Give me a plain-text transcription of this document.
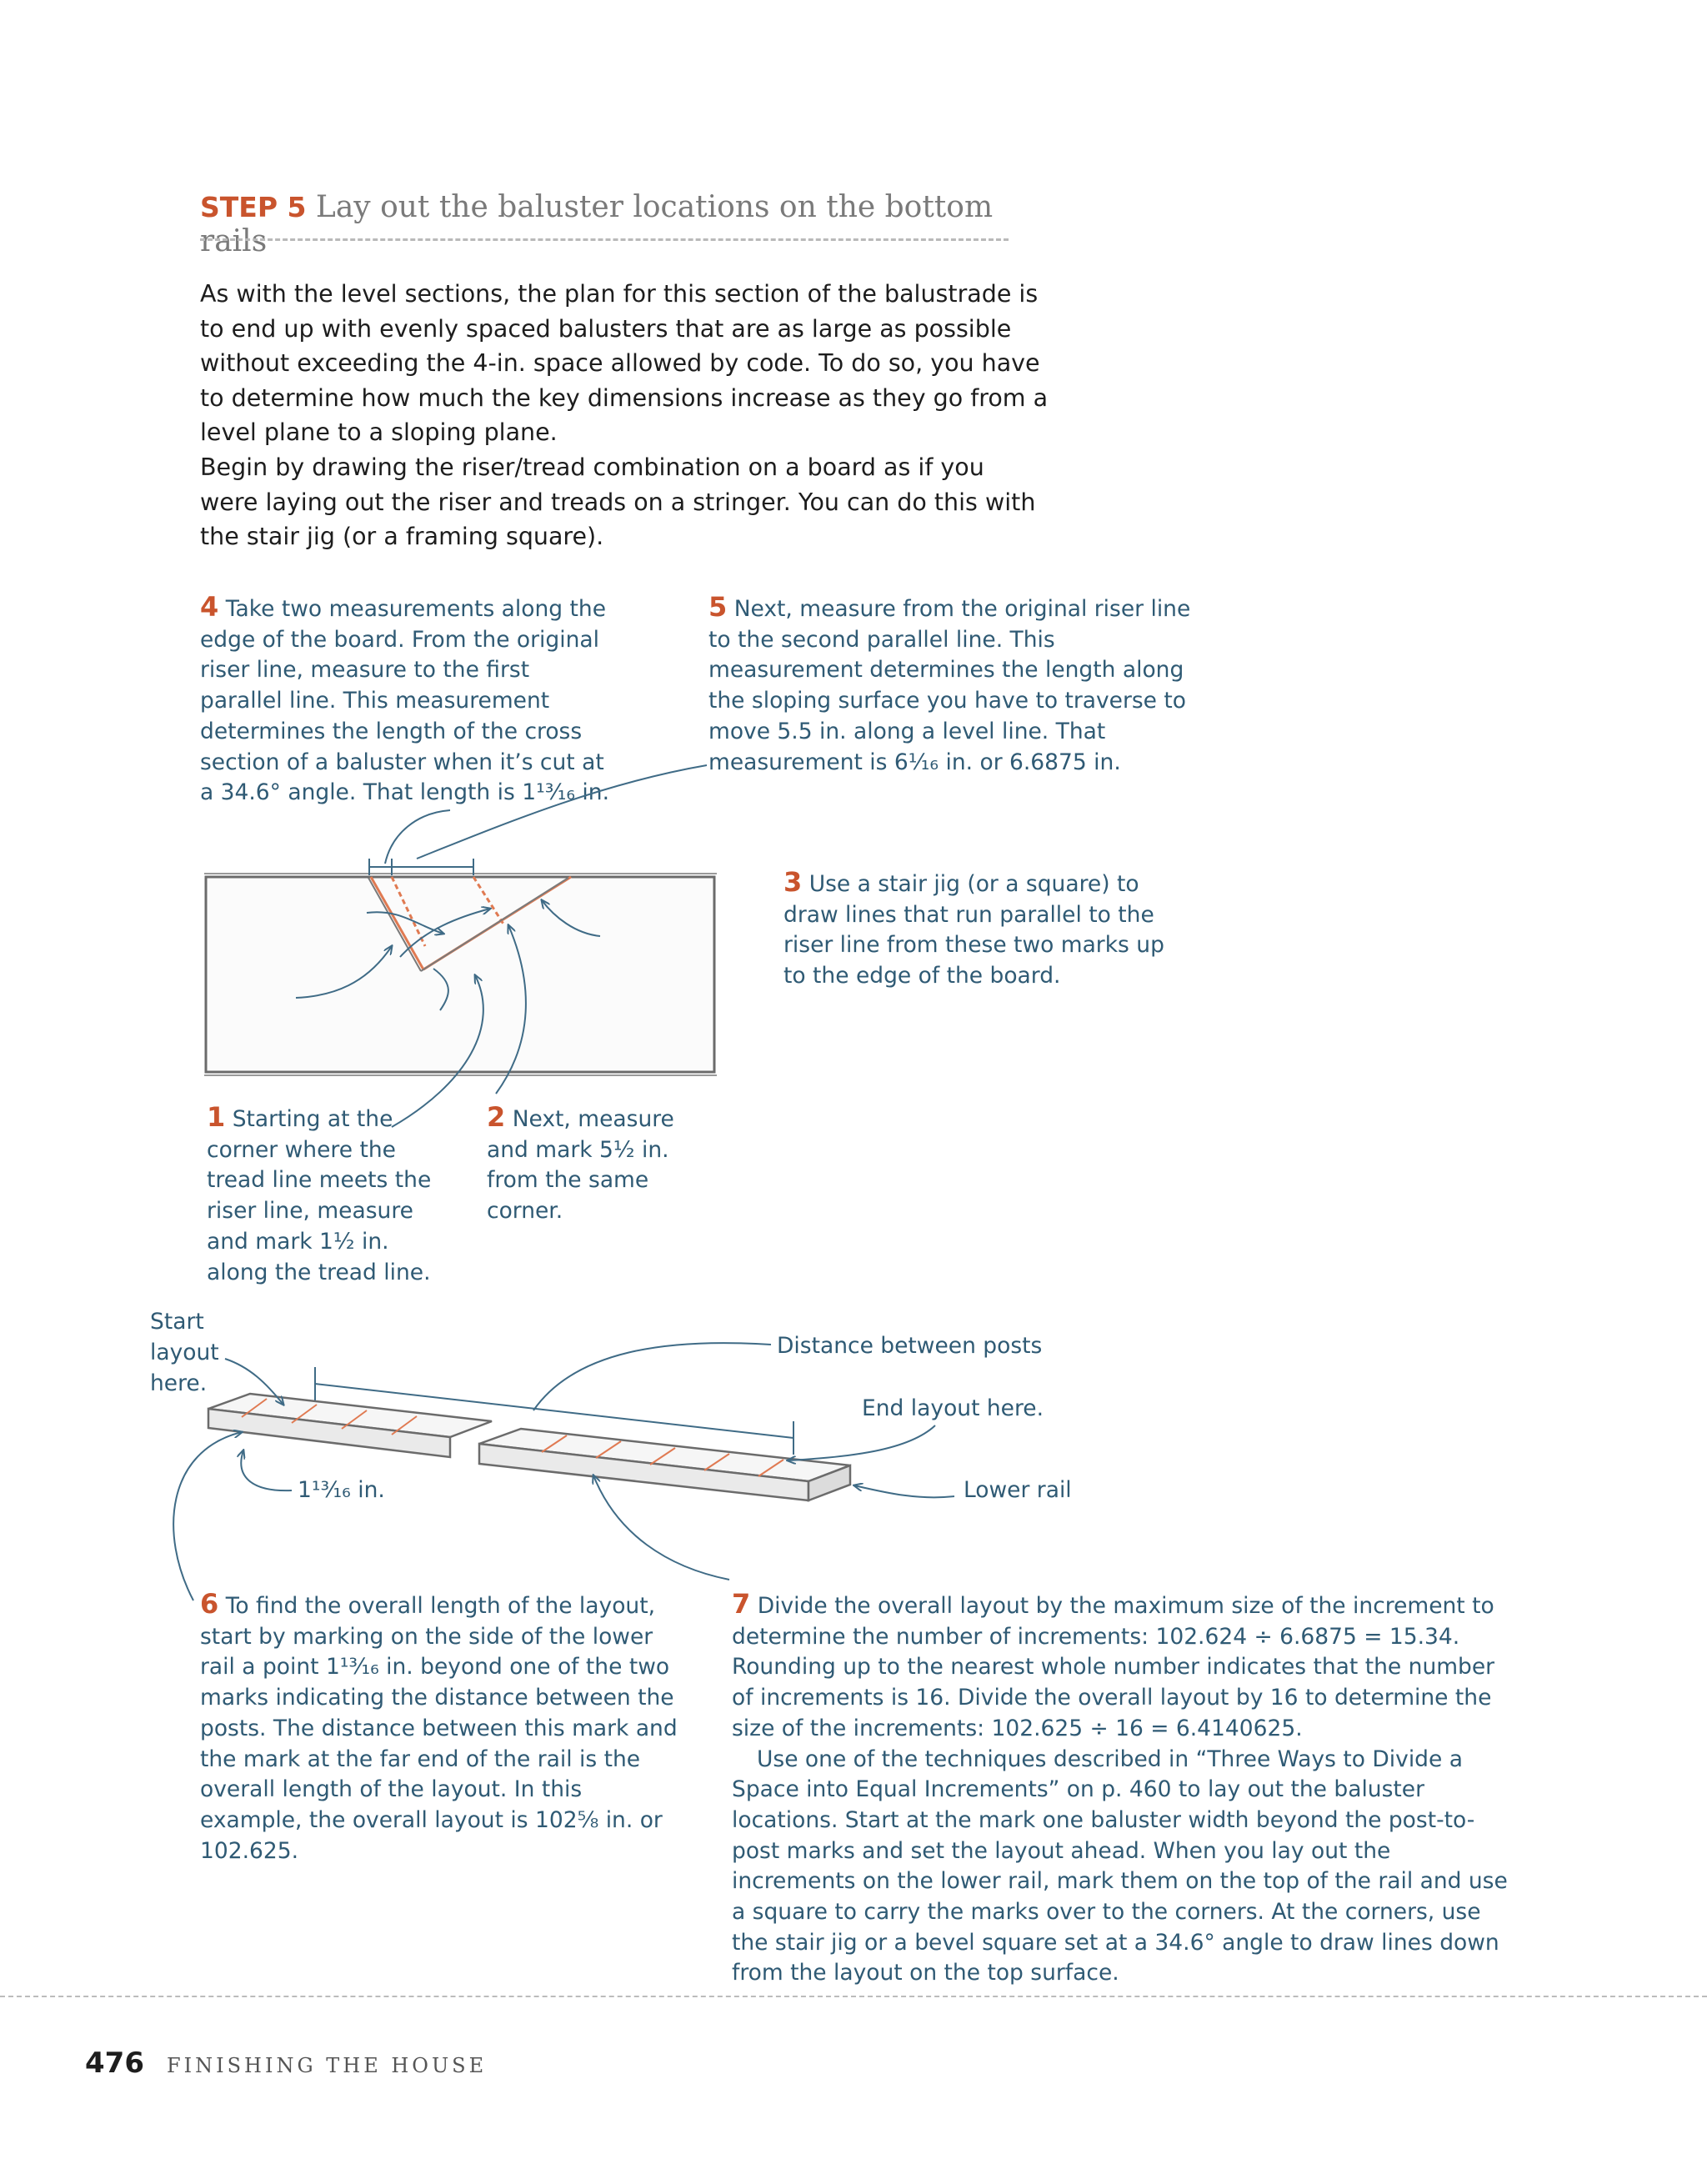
STEP 5 Lay out the baluster locations on the bottom rails
As with the level sections, the plan for this section of the balustrade is to end up with evenly spaced balusters that are as large as possible without exceeding the 4-in. space allowed by code. To do so, you have to determine how much the key dimensions increase as they go from a level plane to a sloping plane.
Begin by drawing the riser/tread combination on a board as if you were laying out the riser and treads on a stringer. You can do this with the stair jig (or a framing square).
4 Take two measurements along the edge of the board. From the original riser line, measure to the first parallel line. This measurement determines the length of the cross section of a baluster when it’s cut at a 34.6° angle. That length is 1¹³⁄₁₆ in.
5 Next, measure from the original riser line to the second parallel line. This measurement determines the length along the sloping surface you have to traverse to move 5.5 in. along a level line. That measurement is 6¹⁄₁₆ in. or 6.6875 in.
3 Use a stair jig (or a square) to draw lines that run parallel to the riser line from these two marks up to the edge of the board.
1 Starting at the corner where the tread line meets the riser line, measure and mark 1½ in. along the tread line.
2 Next, measure and mark 5½ in. from the same corner.
6 To find the overall length of the layout, start by marking on the side of the lower rail a point 1¹³⁄₁₆ in. beyond one of the two marks indicating the distance between the posts. The distance between this mark and the mark at the far end of the rail is the overall length of the layout. In this example, the overall layout is 102⅝ in. or 102.625.
7 Divide the overall layout by the maximum size of the increment to determine the number of increments: 102.624 ÷ 6.6875 = 15.34. Rounding up to the nearest whole number indicates that the number of increments is 16. Divide the overall layout by 16 to determine the size of the increments: 102.625 ÷ 16 = 6.4140625.
Use one of the techniques described in “Three Ways to Divide a Space into Equal Increments” on p. 460 to lay out the baluster locations. Start at the mark one baluster width beyond the post-to-post marks and set the layout ahead. When you lay out the increments on the lower rail, mark them on the top of the rail and use a square to carry the marks over to the corners. At the corners, use the stair jig or a bevel square set at a 34.6° angle to draw lines down from the layout on the top surface.
Start
layout
here.
Distance between posts
End layout here.
Lower rail
1¹³⁄₁₆ in.
476 FINISHING THE HOUSE
